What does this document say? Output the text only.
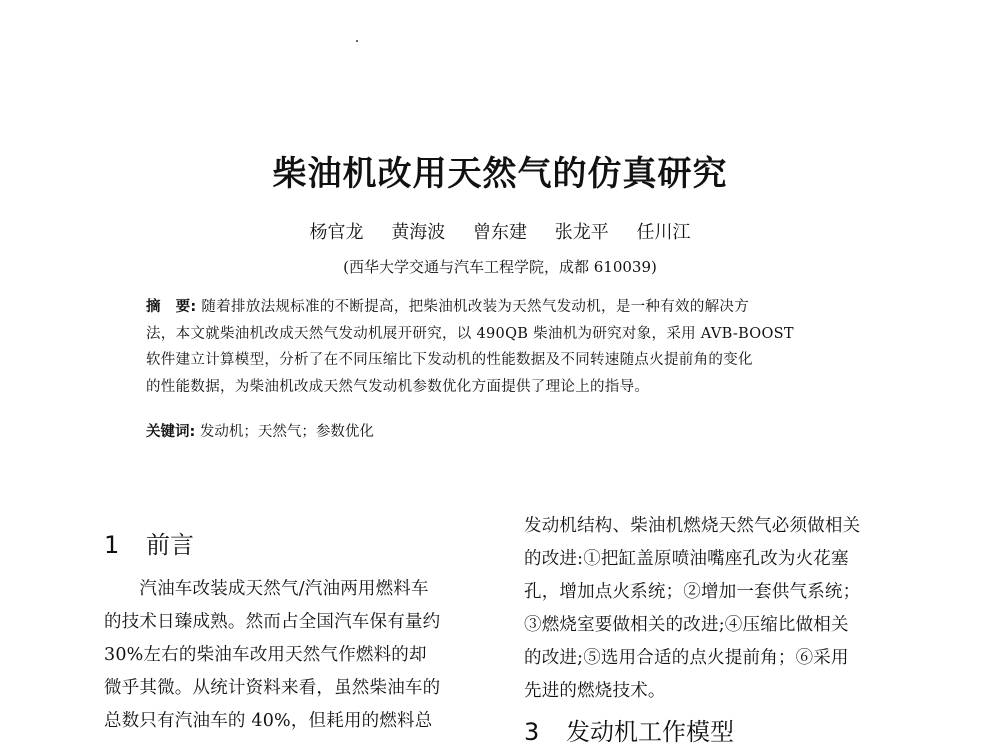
柴油机改用天然气的仿真研究
杨官龙 黄海波 曾东建 张龙平 任川江
(西华大学交通与汽车工程学院，成都 610039)
摘　要: 随着排放法规标准的不断提高，把柴油机改装为天然气发动机，是一种有效的解决方
法，本文就柴油机改成天然气发动机展开研究，以 490QB 柴油机为研究对象，采用 AVB-BOOST
软件建立计算模型，分析了在不同压缩比下发动机的性能数据及不同转速随点火提前角的变化
的性能数据，为柴油机改成天然气发动机参数优化方面提供了理论上的指导。
关键词: 发动机；天然气；参数优化
1 前言
　　汽油车改装成天然气/汽油两用燃料车
的技术日臻成熟。然而占全国汽车保有量约
30%左右的柴油车改用天然气作燃料的却
微乎其微。从统计资料来看，虽然柴油车的
总数只有汽油车的 40%，但耗用的燃料总
发动机结构、柴油机燃烧天然气必须做相关
的改进:①把缸盖原喷油嘴座孔改为火花塞
孔，增加点火系统；②增加一套供气系统；
③燃烧室要做相关的改进;④压缩比做相关
的改进;⑤选用合适的点火提前角；⑥采用
先进的燃烧技术。
3 发动机工作模型
